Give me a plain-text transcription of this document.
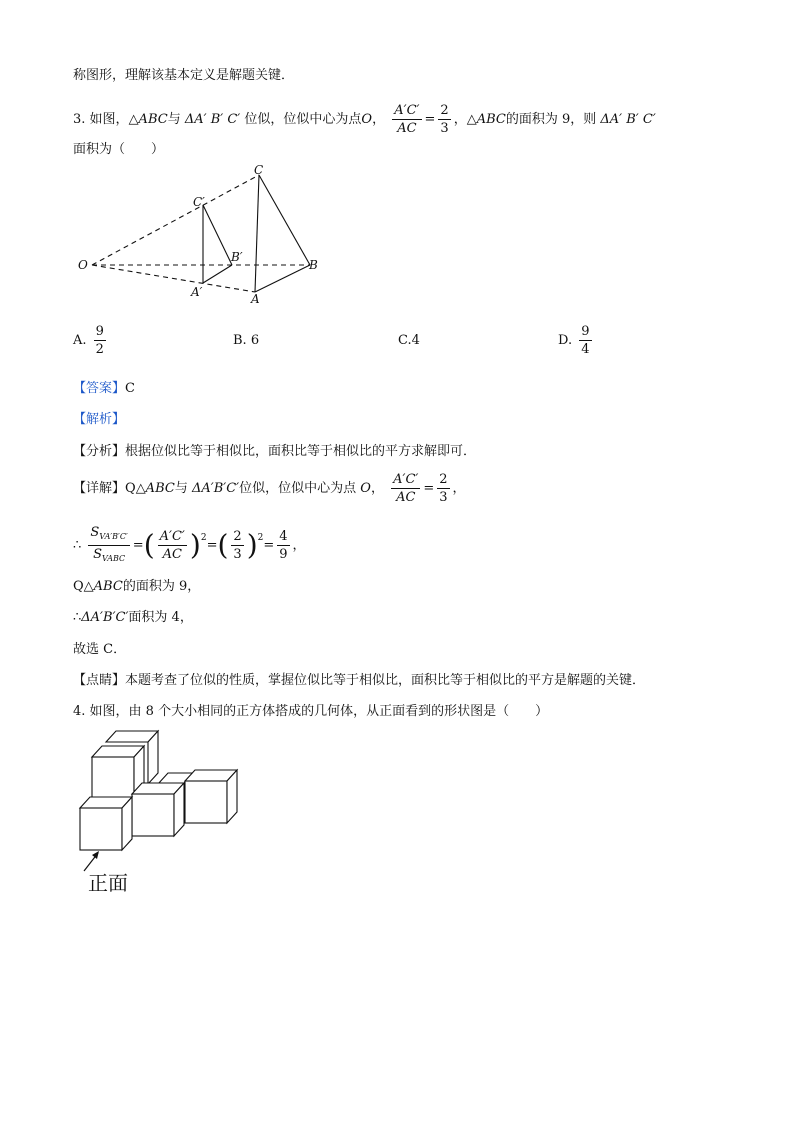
称图形，理解该基本定义是解题关键．
3. 如图，△ABC与 ΔA′ B′ C′ 位似，位似中心为点O， $\frac{A'C'}{AC} = \frac{2}{3}$ ，△ABC的面积为 9，则 ΔA′ B′ C′
面积为（　　）
C
C′
B′
O	B
A′	A
A. $\frac{9}{2}$	B. 6	C.4	D. $\frac{9}{4}$
【答案】C
【解析】
【分析】根据位似比等于相似比，面积比等于相似比的平方求解即可．
【详解】Q△ABC与 ΔA′B′C′位似，位似中心为点 O， $\frac{A'C'}{AC} = \frac{2}{3}$ ，
∴ $\frac{S_{VA'B'C'}}{S_{VABC}}$ =( $\frac{A'C'}{AC} )^2=( \frac{2}{3} )^2= \frac{4}{9}$ ，
Q△ABC的面积为 9，
∴ΔA′B′C′面积为 4，
故选 C．
【点睛】本题考查了位似的性质，掌握位似比等于相似比，面积比等于相似比的平方是解题的关键．
4. 如图，由 8 个大小相同的正方体搭成的几何体，从正面看到的形状图是（　　）
正面
